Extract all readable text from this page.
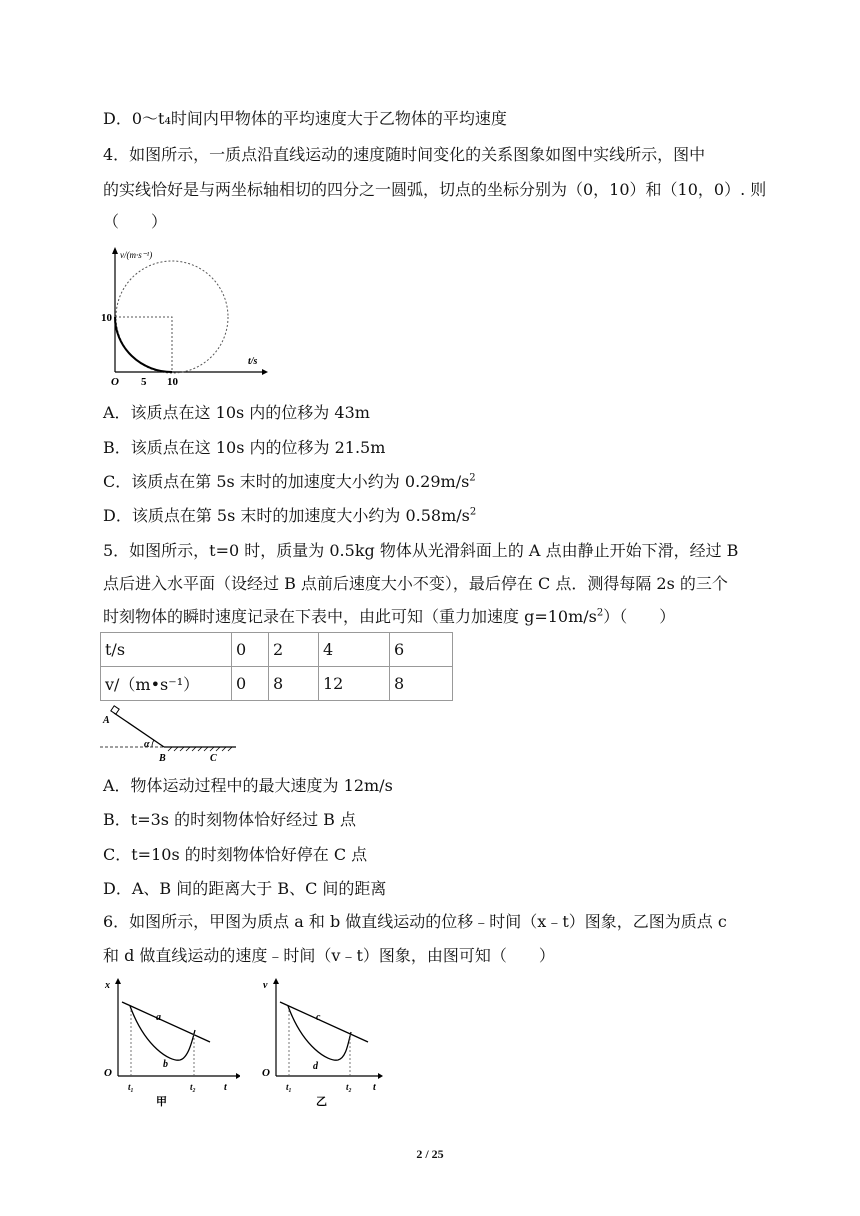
D．0～t₄时间内甲物体的平均速度大于乙物体的平均速度
4．如图所示，一质点沿直线运动的速度随时间变化的关系图象如图中实线所示，图中
的实线恰好是与两坐标轴相切的四分之一圆弧，切点的坐标分别为（0，10）和（10，0）. 则
（　　）
v/(m·s⁻¹)
t/s
10
O 5 10
A．该质点在这 10s 内的位移为 43m
B．该质点在这 10s 内的位移为 21.5m
C．该质点在第 5s 末时的加速度大小约为 $0.29m/s^2$
D．该质点在第 5s 末时的加速度大小约为 $0.58m/s^2$
5．如图所示，t=0 时，质量为 0.5kg 物体从光滑斜面上的 A 点由静止开始下滑，经过 B
点后进入水平面（设经过 B 点前后速度大小不变），最后停在 C 点．测得每隔 2s 的三个
时刻物体的瞬时速度记录在下表中，由此可知（重力加速度 $g=10m/s^2$）（　　）
t/s	0	2	4	6
v/（m•s⁻¹）	0	8	12	8
A
α
B	C
A．物体运动过程中的最大速度为 12m/s
B．t=3s 的时刻物体恰好经过 B 点
C．t=10s 的时刻物体恰好停在 C 点
D．A、B 间的距离大于 B、C 间的距离
6．如图所示，甲图为质点 a 和 b 做直线运动的位移﹣时间（x﹣t）图象，乙图为质点 c
和 d 做直线运动的速度﹣时间（v﹣t）图象，由图可知（　　）
x
t
O
a
b
t₁	t₂
甲
v
t
O
c
d
t₁	t₂
乙
2 / 25
